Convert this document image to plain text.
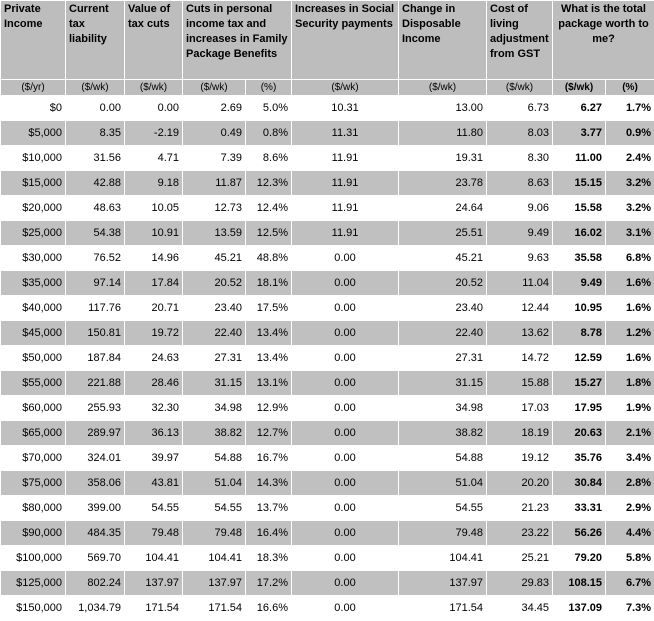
Private Income	Current tax liability	Value of tax cuts	Cuts in personal income tax and increases in Family Package Benefits		Increases in Social Security payments	Change in Disposable Income	Cost of living adjustment from GST	What is the total package worth to me?	
($/yr)	($/wk)	($/wk)	($/wk)	(%)	($/wk)	($/wk)	($/wk)	($/wk)	(%)
$0	0.00	0.00	2.69	5.0%	10.31	13.00	6.73	6.27	1.7%
$5,000	8.35	-2.19	0.49	0.8%	11.31	11.80	8.03	3.77	0.9%
$10,000	31.56	4.71	7.39	8.6%	11.91	19.31	8.30	11.00	2.4%
$15,000	42.88	9.18	11.87	12.3%	11.91	23.78	8.63	15.15	3.2%
$20,000	48.63	10.05	12.73	12.4%	11.91	24.64	9.06	15.58	3.2%
$25,000	54.38	10.91	13.59	12.5%	11.91	25.51	9.49	16.02	3.1%
$30,000	76.52	14.96	45.21	48.8%	0.00	45.21	9.63	35.58	6.8%
$35,000	97.14	17.84	20.52	18.1%	0.00	20.52	11.04	9.49	1.6%
$40,000	117.76	20.71	23.40	17.5%	0.00	23.40	12.44	10.95	1.6%
$45,000	150.81	19.72	22.40	13.4%	0.00	22.40	13.62	8.78	1.2%
$50,000	187.84	24.63	27.31	13.4%	0.00	27.31	14.72	12.59	1.6%
$55,000	221.88	28.46	31.15	13.1%	0.00	31.15	15.88	15.27	1.8%
$60,000	255.93	32.30	34.98	12.9%	0.00	34.98	17.03	17.95	1.9%
$65,000	289.97	36.13	38.82	12.7%	0.00	38.82	18.19	20.63	2.1%
$70,000	324.01	39.97	54.88	16.7%	0.00	54.88	19.12	35.76	3.4%
$75,000	358.06	43.81	51.04	14.3%	0.00	51.04	20.20	30.84	2.8%
$80,000	399.00	54.55	54.55	13.7%	0.00	54.55	21.23	33.31	2.9%
$90,000	484.35	79.48	79.48	16.4%	0.00	79.48	23.22	56.26	4.4%
$100,000	569.70	104.41	104.41	18.3%	0.00	104.41	25.21	79.20	5.8%
$125,000	802.24	137.97	137.97	17.2%	0.00	137.97	29.83	108.15	6.7%
$150,000	1,034.79	171.54	171.54	16.6%	0.00	171.54	34.45	137.09	7.3%
